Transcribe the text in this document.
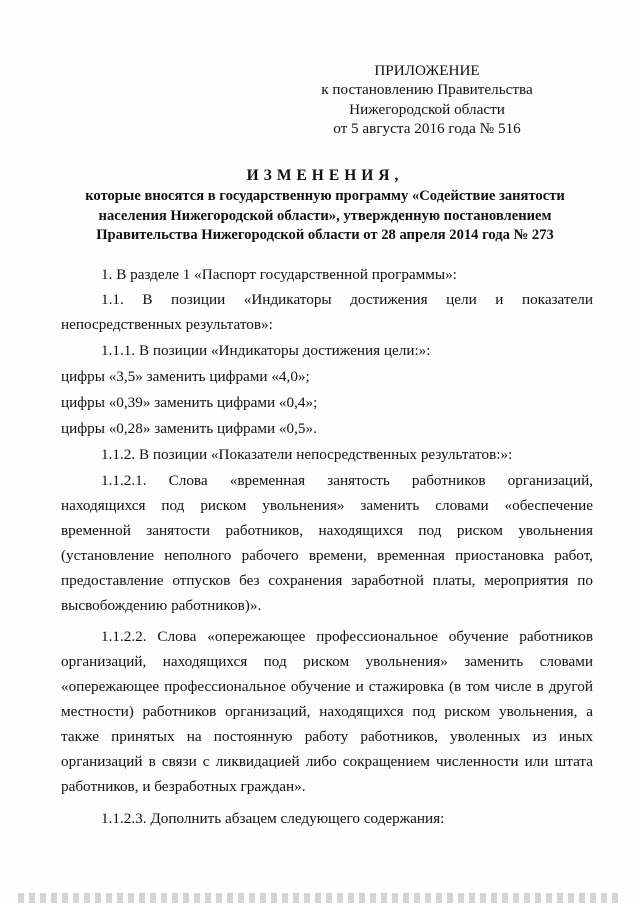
ПРИЛОЖЕНИЕ
к постановлению Правительства
Нижегородской области
от 5 августа 2016 года № 516
ИЗМЕНЕНИЯ,
которые вносятся в государственную программу «Содействие занятости
населения Нижегородской области», утвержденную постановлением
Правительства Нижегородской области от 28 апреля 2014 года № 273
1. В разделе 1 «Паспорт государственной программы»:
1.1. В позиции «Индикаторы достижения цели и показатели
непосредственных результатов»:
1.1.1. В позиции «Индикаторы достижения цели:»:
цифры «3,5» заменить цифрами «4,0»;
цифры «0,39» заменить цифрами «0,4»;
цифры «0,28» заменить цифрами «0,5».
1.1.2. В позиции «Показатели непосредственных результатов:»:
1.1.2.1. Слова «временная занятость работников организаций,
находящихся под риском увольнения» заменить словами «обеспечение
временной занятости работников, находящихся под риском увольнения
(установление неполного рабочего времени, временная приостановка работ,
предоставление отпусков без сохранения заработной платы, мероприятия по
высвобождению работников)».
1.1.2.2. Слова «опережающее профессиональное обучение работников
организаций, находящихся под риском увольнения» заменить словами
«опережающее профессиональное обучение и стажировка (в том числе в другой
местности) работников организаций, находящихся под риском увольнения, а
также принятых на постоянную работу работников, уволенных из иных
организаций в связи с ликвидацией либо сокращением численности или штата
работников, и безработных граждан».
1.1.2.3. Дополнить абзацем следующего содержания:
